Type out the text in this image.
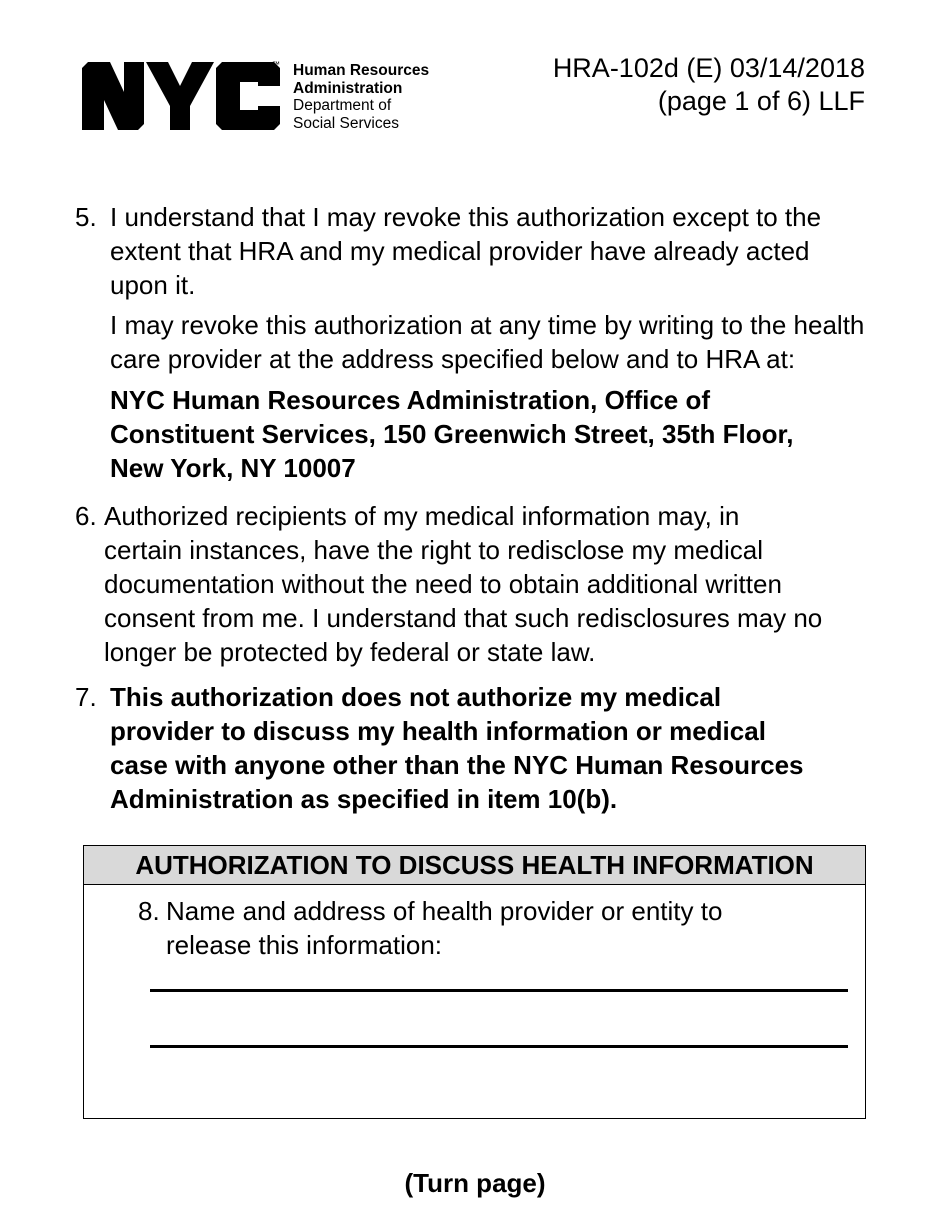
™ Human Resources
Administration
Department of
Social Services
HRA-102d (E) 03/14/2018
(page 1 of 6) LLF
5. I understand that I may revoke this authorization except to the
extent that HRA and my medical provider have already acted
upon it.
I may revoke this authorization at any time by writing to the health
care provider at the address specified below and to HRA at:
NYC Human Resources Administration, Office of
Constituent Services, 150 Greenwich Street, 35th Floor,
New York, NY 10007
6. Authorized recipients of my medical information may, in
certain instances, have the right to redisclose my medical
documentation without the need to obtain additional written
consent from me. I understand that such redisclosures may no
longer be protected by federal or state law.
7. This authorization does not authorize my medical
provider to discuss my health information or medical
case with anyone other than the NYC Human Resources
Administration as specified in item 10(b).
AUTHORIZATION TO DISCUSS HEALTH INFORMATION
8. Name and address of health provider or entity to
release this information:
(Turn page)
